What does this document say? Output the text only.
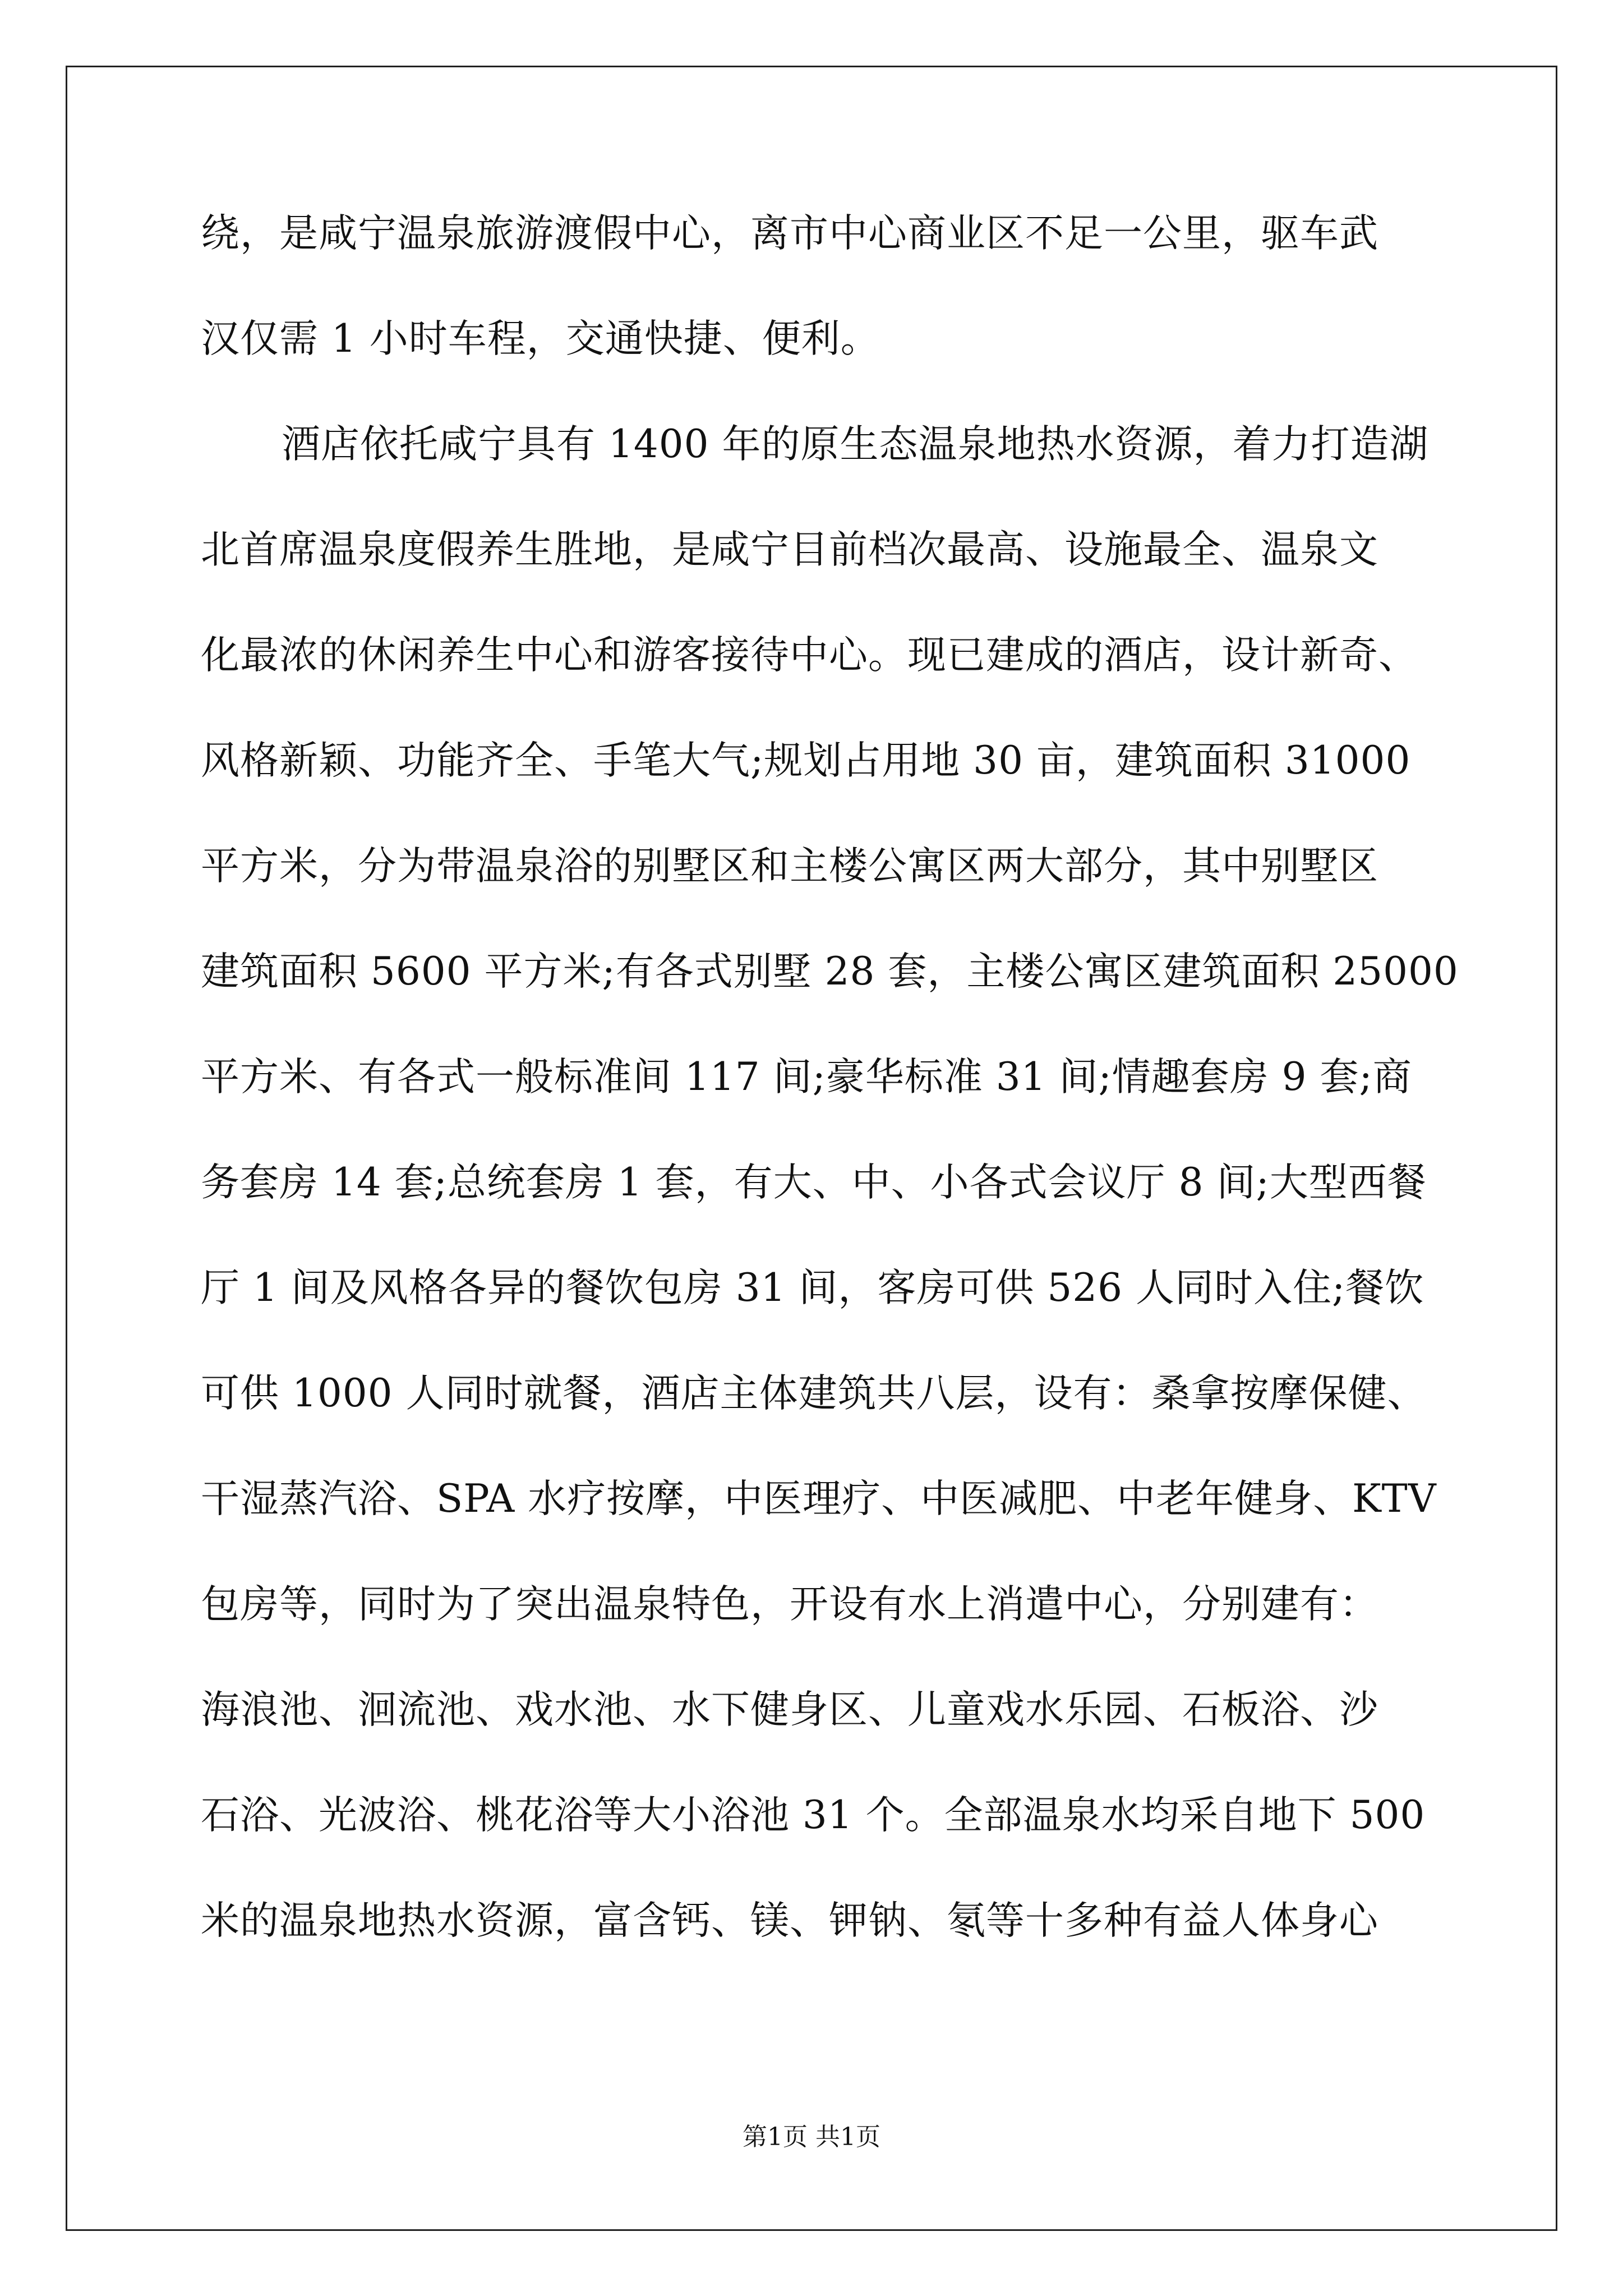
绕，是咸宁温泉旅游渡假中心，离市中心商业区不足一公里，驱车武
汉仅需 1 小时车程，交通快捷、便利。
酒店依托咸宁具有 1400 年的原生态温泉地热水资源，着力打造湖
北首席温泉度假养生胜地，是咸宁目前档次最高、设施最全、温泉文
化最浓的休闲养生中心和游客接待中心。现已建成的酒店，设计新奇、
风格新颖、功能齐全、手笔大气;规划占用地 30 亩，建筑面积 31000
平方米，分为带温泉浴的别墅区和主楼公寓区两大部分，其中别墅区
建筑面积 5600 平方米;有各式别墅 28 套，主楼公寓区建筑面积 25000
平方米、有各式一般标准间 117 间;豪华标准 31 间;情趣套房 9 套;商
务套房 14 套;总统套房 1 套，有大、中、小各式会议厅 8 间;大型西餐
厅 1 间及风格各异的餐饮包房 31 间，客房可供 526 人同时入住;餐饮
可供 1000 人同时就餐，酒店主体建筑共八层，设有：桑拿按摩保健、
干湿蒸汽浴、SPA 水疗按摩，中医理疗、中医减肥、中老年健身、KTV
包房等，同时为了突出温泉特色，开设有水上消遣中心，分别建有：
海浪池、洄流池、戏水池、水下健身区、儿童戏水乐园、石板浴、沙
石浴、光波浴、桃花浴等大小浴池 31 个。全部温泉水均采自地下 500
米的温泉地热水资源，富含钙、镁、钾钠、氡等十多种有益人体身心
第1页 共1页
